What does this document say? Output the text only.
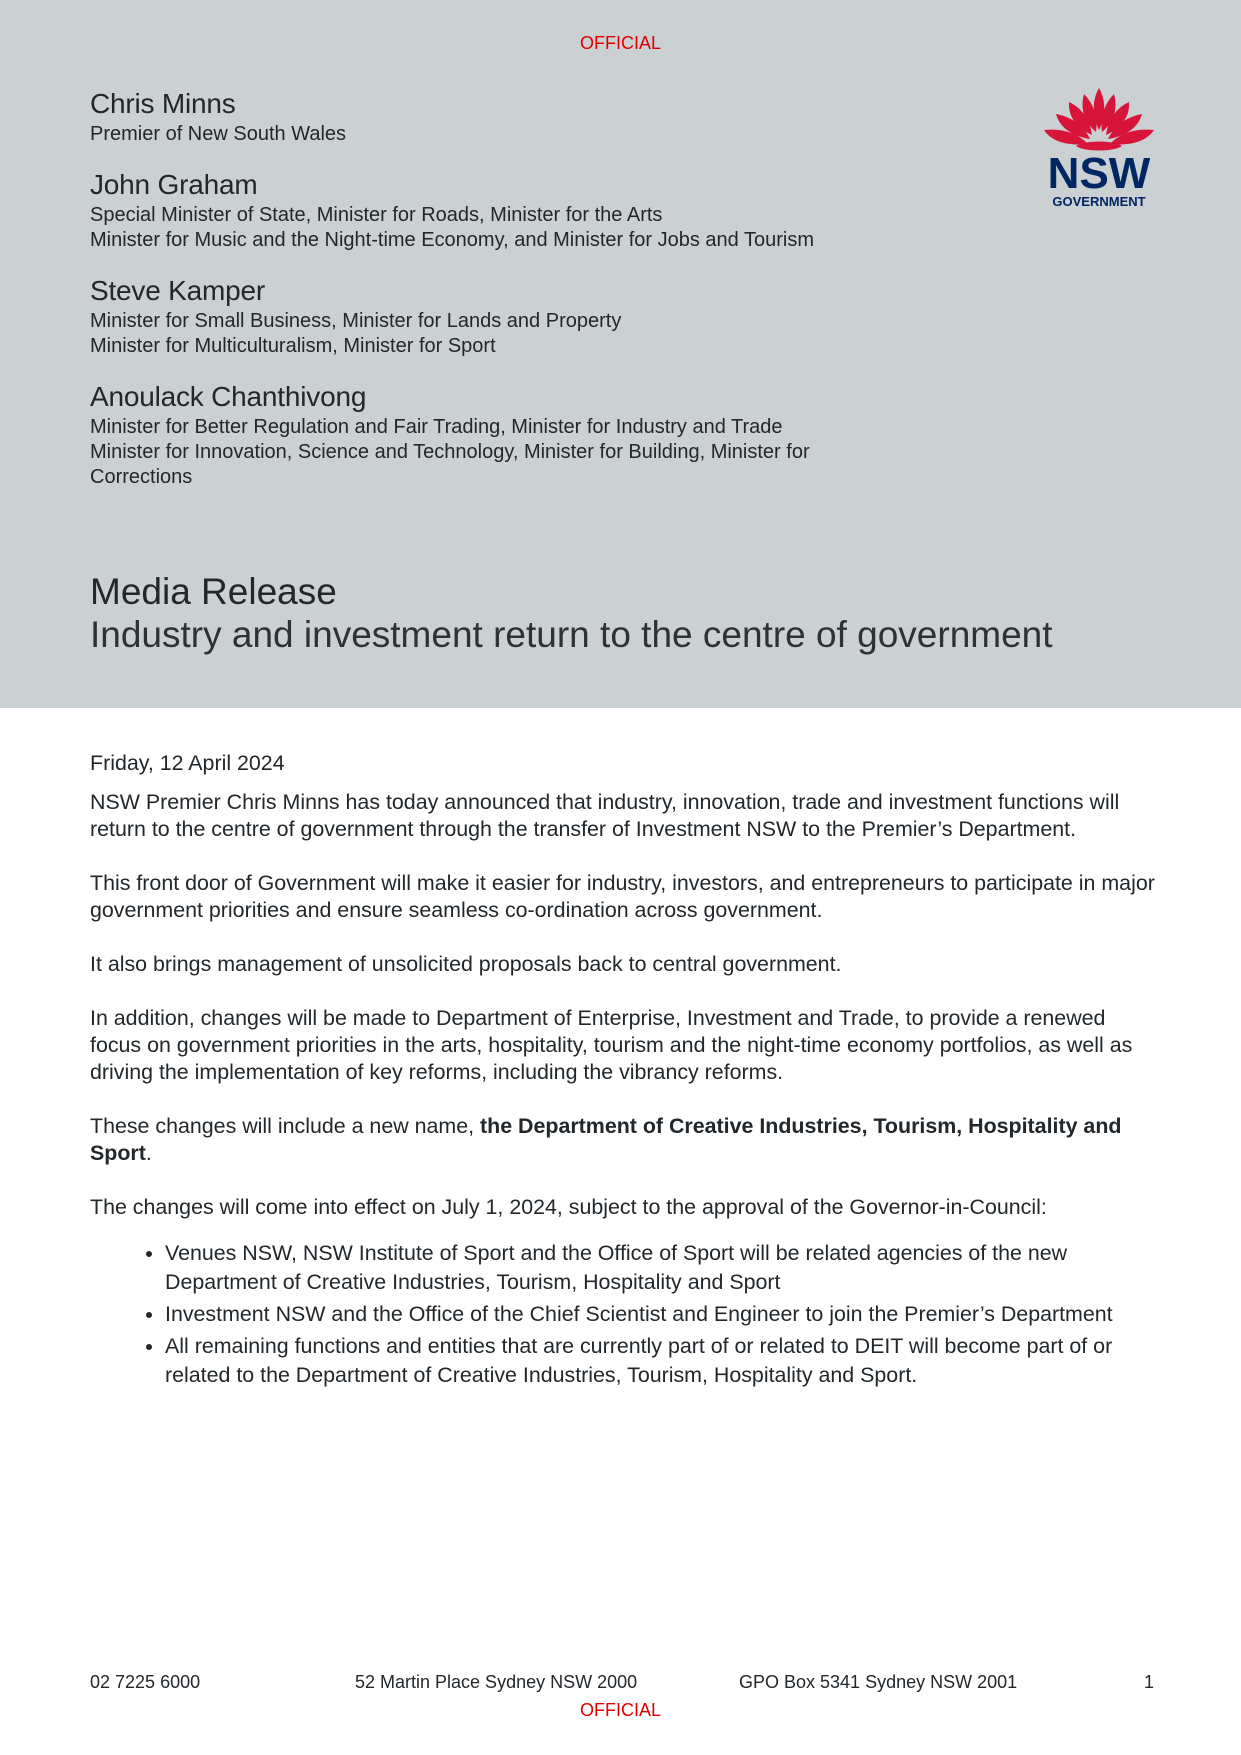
OFFICIAL
Chris Minns

Premier of New South Wales

John Graham

Special Minister of State, Minister for Roads, Minister for the Arts

Minister for Music and the Night-time Economy, and Minister for Jobs and Tourism

Steve Kamper

Minister for Small Business, Minister for Lands and Property

Minister for Multiculturalism, Minister for Sport

Anoulack Chanthivong

Minister for Better Regulation and Fair Trading, Minister for Industry and Trade

Minister for Innovation, Science and Technology, Minister for Building, Minister for

Corrections

NSW
GOVERNMENT
Media Release
Industry and investment return to the centre of government

Friday, 12 April 2024

NSW Premier Chris Minns has today announced that industry, innovation, trade and investment functions will return to the centre of government through the transfer of Investment NSW to the Premier’s Department.

This front door of Government will make it easier for industry, investors, and entrepreneurs to participate in major government priorities and ensure seamless co-ordination across government.

It also brings management of unsolicited proposals back to central government.

In addition, changes will be made to Department of Enterprise, Investment and Trade, to provide a renewed focus on government priorities in the arts, hospitality, tourism and the night-time economy portfolios, as well as driving the implementation of key reforms, including the vibrancy reforms.

These changes will include a new name, the Department of Creative Industries, Tourism, Hospitality and Sport.

The changes will come into effect on July 1, 2024, subject to the approval of the Governor-in-Council:

• Venues NSW, NSW Institute of Sport and the Office of Sport will be related agencies of the new Department of Creative Industries, Tourism, Hospitality and Sport
• Investment NSW and the Office of the Chief Scientist and Engineer to join the Premier’s Department
• All remaining functions and entities that are currently part of or related to DEIT will become part of or related to the Department of Creative Industries, Tourism, Hospitality and Sport.
02 7225 6000	52 Martin Place Sydney NSW 2000	GPO Box 5341 Sydney NSW 2001	1
OFFICIAL
